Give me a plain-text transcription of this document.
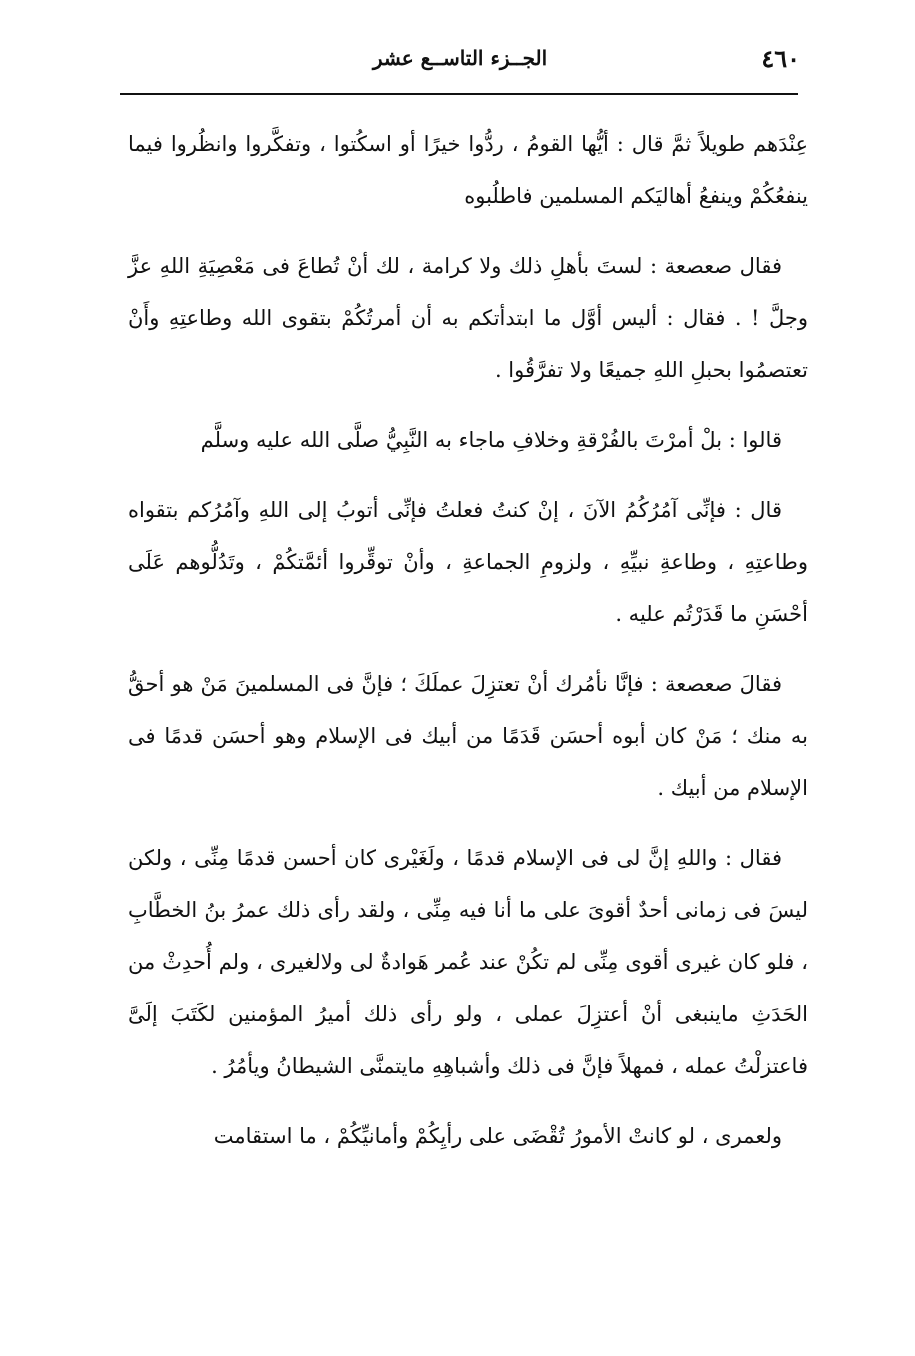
٤٦٠
الجــزء التاســع عشر

عِنْدَهم طويلاً ثمَّ قال : أيُّها القومُ ، ردُّوا خيرًا أو اسكُتوا ، وتفكَّروا وانظُروا فيما ينفعُكُمْ وينفعُ أهاليَكم المسلمين فاطلُبوه

فقال صعصعة : لستَ بأهلِ ذلك ولا كرامة ، لك أنْ تُطاعَ فى مَعْصِيَةِ اللهِ عزَّ وجلَّ ! . فقال : أليس أوَّل ما ابتدأتكم به أن أمرتُكُمْ بتقوى الله وطاعتِهِ وأَنْ تعتصمُوا بحبلِ اللهِ جميعًا ولا تفرَّقُوا .

قالوا : بلْ أمرْتَ بالفُرْقةِ وخلافِ ماجاء به النَّبِيُّ صلَّى الله عليه وسلَّم

قال : فإنِّى آمُرُكُمُ الآنَ ، إنْ كنتُ فعلتُ فإنِّى أتوبُ إلى اللهِ وآمُرُكم بتقواه وطاعتِهِ ، وطاعةِ نبيِّهِ ، ولزومِ الجماعةِ ، وأنْ توقِّروا أئمَّتكُمْ ، وتَدُلُّوهم عَلَى أحْسَنِ ما قَدَرْتُم عليه .

فقالَ صعصعة : فإنَّا نأمُرك أنْ تعتزِلَ عملَكَ ؛ فإنَّ فى المسلمينَ مَنْ هو أحقُّ به منك ؛ مَنْ كان أبوه أحسَن قَدَمًا من أبيك فى الإسلام وهو أحسَن قدمًا فى الإسلام من أبيك .

فقال : واللهِ إنَّ لى فى الإسلام قدمًا ، ولَغَيْرى كان أحسن قدمًا مِنِّى ، ولكن ليسَ فى زمانى أحدٌ أقوىَ على ما أنا فيه مِنِّى ، ولقد رأى ذلك عمرُ بنُ الخطَّابِ ، فلو كان غيرى أقوى مِنِّى لم تكُنْ عند عُمر هَوادةٌ لى ولالغيرى ، ولم أُحدِثْ من الحَدَثِ ماينبغى أنْ أعتزِلَ عملى ، ولو رأى ذلك أميرُ المؤمنين لكَتَبَ إلَىَّ فاعتزلْتُ عمله ، فمهلاً فإنَّ فى ذلك وأشباهِهِ مايتمنَّى الشيطانُ ويأمُرُ .

ولعمرى ، لو كانتْ الأمورُ تُقْضَى على رأيِكُمْ وأمانيِّكُمْ ، ما استقامت
